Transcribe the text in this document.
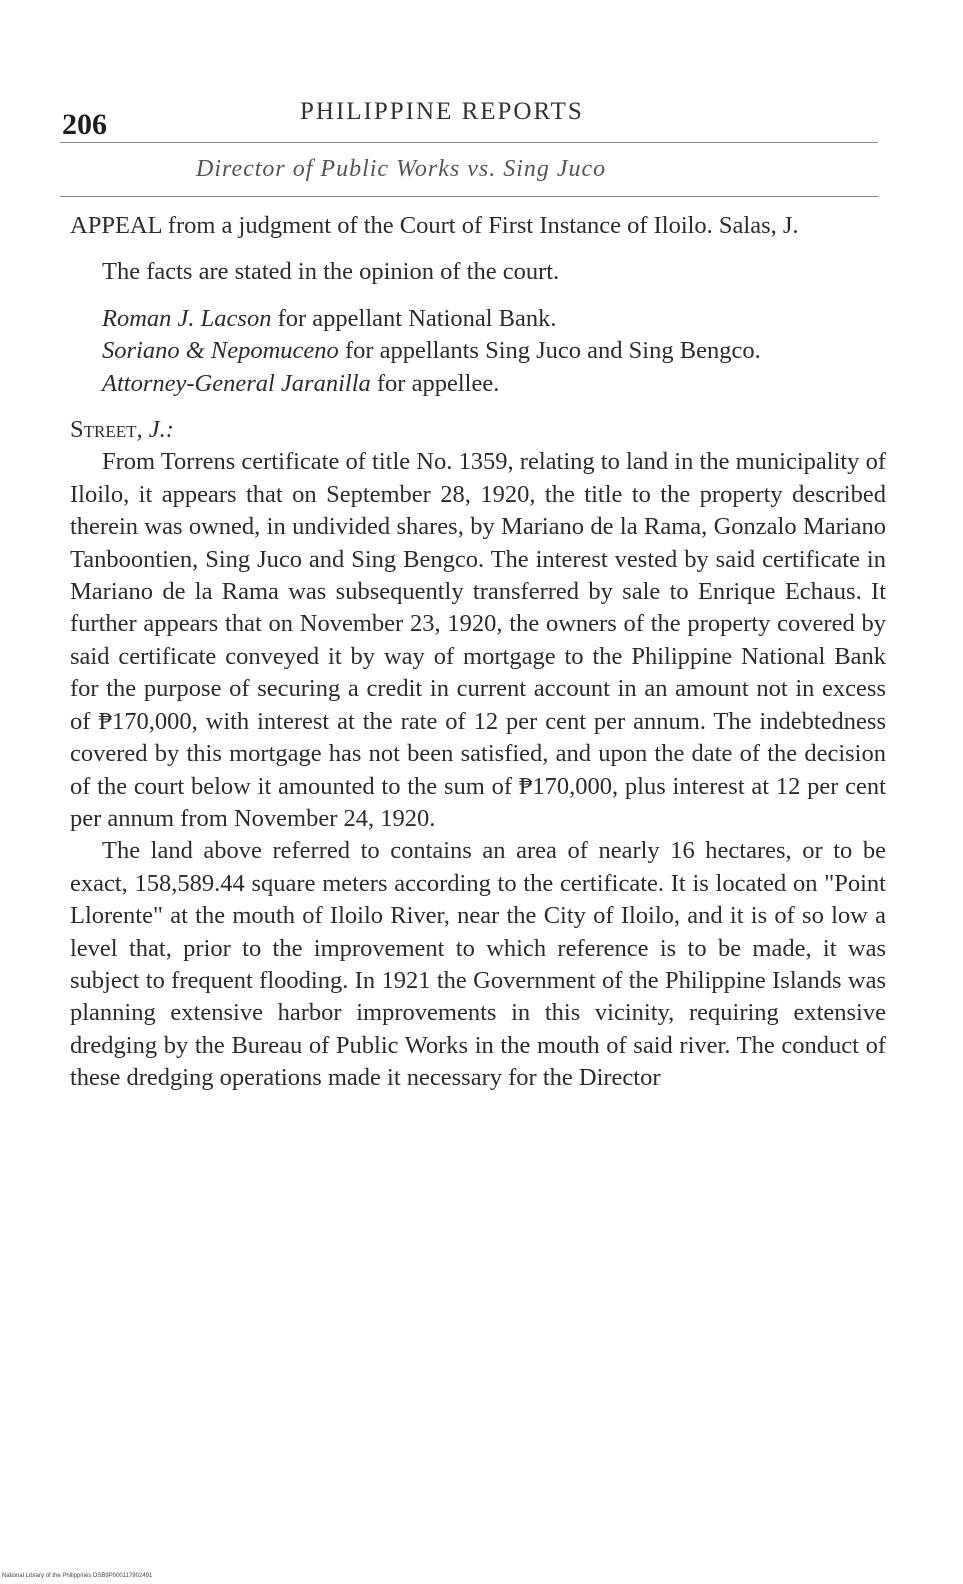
206	PHILIPPINE REPORTS
Director of Public Works vs. Sing Juco

APPEAL from a judgment of the Court of First Instance of Iloilo. Salas, J.

The facts are stated in the opinion of the court.

Roman J. Lacson for appellant National Bank.

Soriano & Nepomuceno for appellants Sing Juco and Sing Bengco.

Attorney-General Jaranilla for appellee.

Street, J.:

From Torrens certificate of title No. 1359, relating to land in the municipality of Iloilo, it appears that on September 28, 1920, the title to the property described therein was owned, in undivided shares, by Mariano de la Rama, Gonzalo Mariano Tanboontien, Sing Juco and Sing Bengco. The interest vested by said certificate in Mariano de la Rama was subsequently transferred by sale to Enrique Echaus. It further appears that on November 23, 1920, the owners of the property covered by said certificate conveyed it by way of mortgage to the Philippine National Bank for the purpose of securing a credit in current account in an amount not in excess of ₱170,000, with interest at the rate of 12 per cent per annum. The indebtedness covered by this mortgage has not been satisfied, and upon the date of the decision of the court below it amounted to the sum of ₱170,000, plus interest at 12 per cent per annum from November 24, 1920.

The land above referred to contains an area of nearly 16 hectares, or to be exact, 158,589.44 square meters according to the certificate. It is located on "Point Llorente" at the mouth of Iloilo River, near the City of Iloilo, and it is of so low a level that, prior to the improvement to which reference is to be made, it was subject to frequent flooding. In 1921 the Government of the Philippine Islands was planning extensive harbor improvements in this vicinity, requiring extensive dredging by the Bureau of Public Works in the mouth of said river. The conduct of these dredging operations made it necessary for the Director

National Library of the Philippines DSB9P000117902491
